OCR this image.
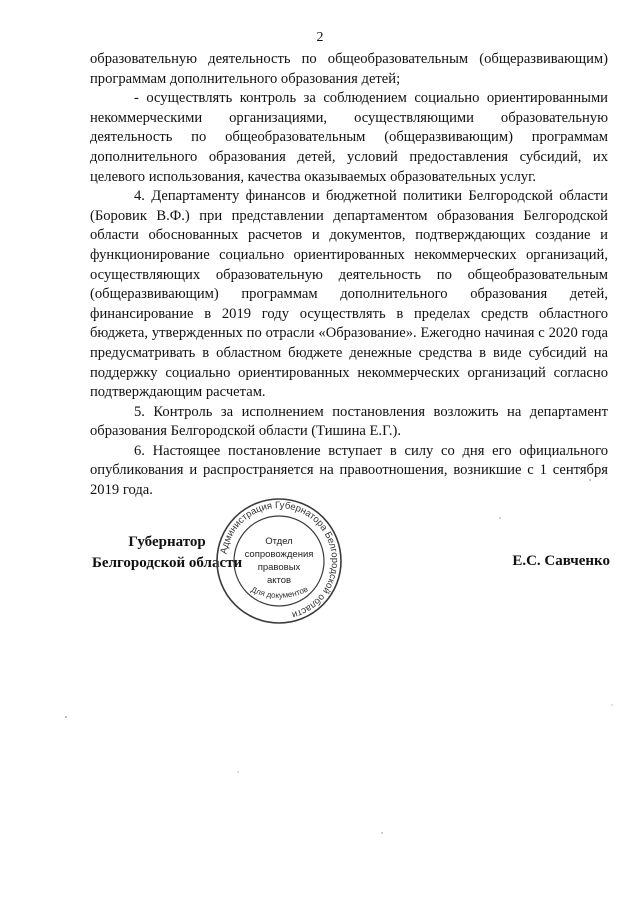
2

образовательную деятельность по общеобразовательным (общеразвивающим) программам дополнительного образования детей;

- осуществлять контроль за соблюдением социально ориентированными некоммерческими организациями, осуществляющими образовательную деятельность по общеобразовательным (общеразвивающим) программам дополнительного образования детей, условий предоставления субсидий, их целевого использования, качества оказываемых образовательных услуг.

4. Департаменту финансов и бюджетной политики Белгородской области (Боровик В.Ф.) при представлении департаментом образования Белгородской области обоснованных расчетов и документов, подтверждающих создание и функционирование социально ориентированных некоммерческих организаций, осуществляющих образовательную деятельность по общеобразовательным (общеразвивающим) программам дополнительного образования детей, финансирование в 2019 году осуществлять в пределах средств областного бюджета, утвержденных по отрасли «Образование». Ежегодно начиная с 2020 года предусматривать в областном бюджете денежные средства в виде субсидий на поддержку социально ориентированных некоммерческих организаций согласно подтверждающим расчетам.

5. Контроль за исполнением постановления возложить на департамент образования Белгородской области (Тишина Е.Г.).

6. Настоящее постановление вступает в силу со дня его официального опубликования и распространяется на правоотношения, возникшие с 1 сентября 2019 года.

Губернатор
Белгородской области	Е.С. Савченко
Администрация Губернатора Белгородской области
Отдел
сопровождения
правовых
актов
Для документов
